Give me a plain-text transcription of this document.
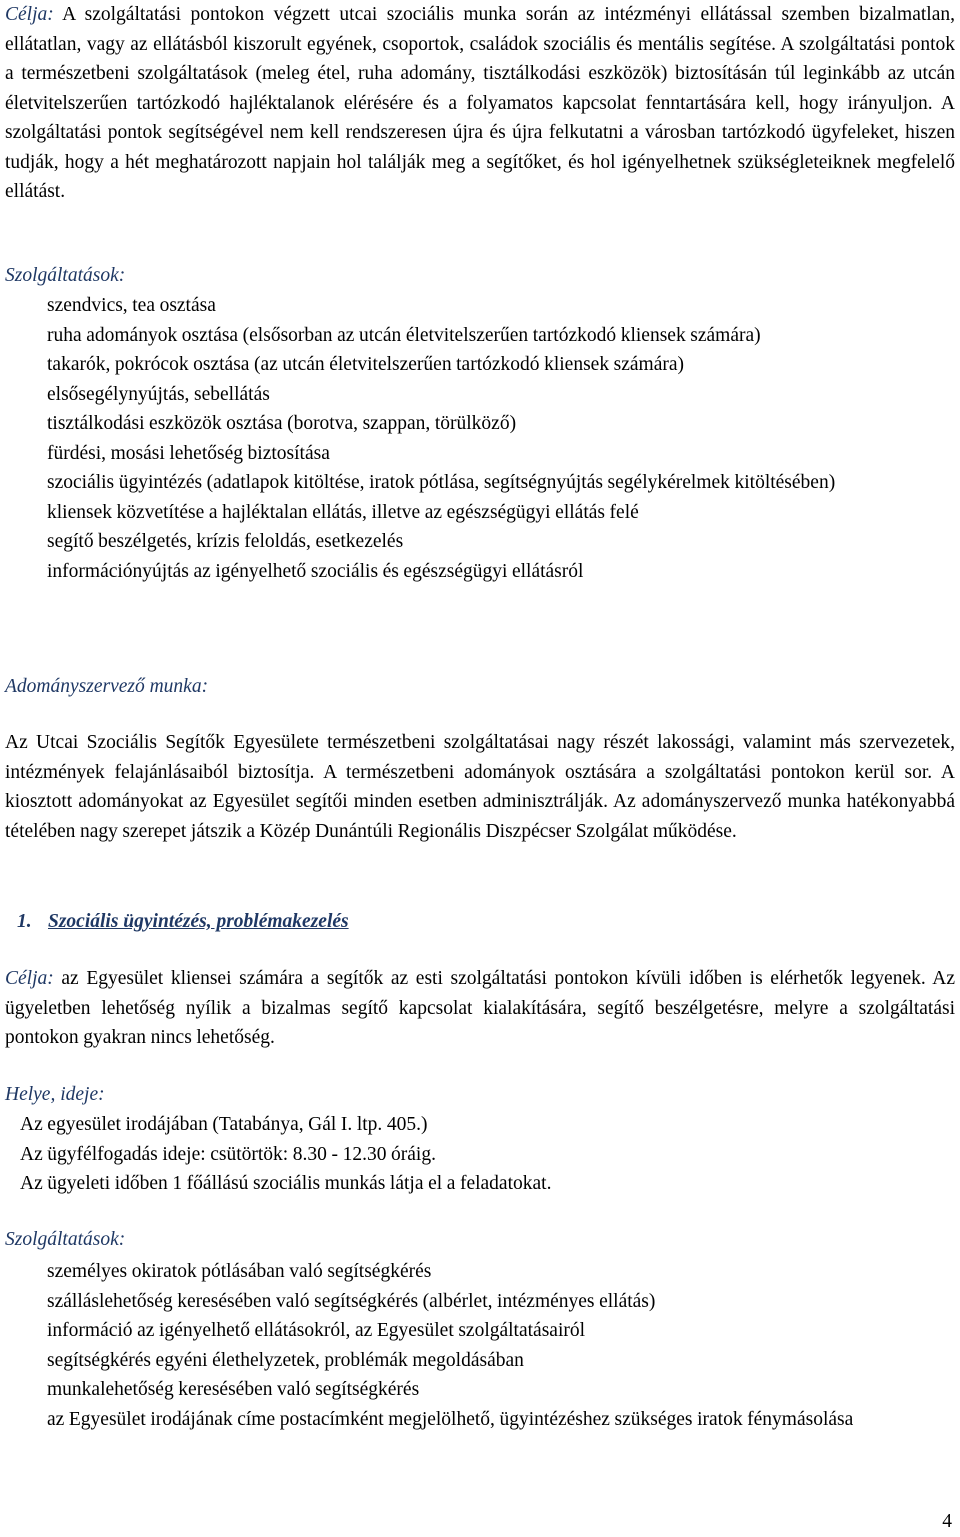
Célja: A szolgáltatási pontokon végzett utcai szociális munka során az intézményi ellátással szemben bizalmatlan, ellátatlan, vagy az ellátásból kiszorult egyének, csoportok, családok szociális és mentális segítése. A szolgáltatási pontok a természetbeni szolgáltatások (meleg étel, ruha adomány, tisztálkodási eszközök) biztosításán túl leginkább az utcán életvitelszerűen tartózkodó hajléktalanok elérésére és a folyamatos kapcsolat fenntartására kell, hogy irányuljon. A szolgáltatási pontok segítségével nem kell rendszeresen újra és újra felkutatni a városban tartózkodó ügyfeleket, hiszen tudják, hogy a hét meghatározott napjain hol találják meg a segítőket, és hol igényelhetnek szükségleteiknek megfelelő ellátást.

Szolgáltatások:

szendvics, tea osztása
ruha adományok osztása (elsősorban az utcán életvitelszerűen tartózkodó kliensek számára)
takarók, pokrócok osztása (az utcán életvitelszerűen tartózkodó kliensek számára)
elsősegélynyújtás, sebellátás
tisztálkodási eszközök osztása (borotva, szappan, törülköző)
fürdési, mosási lehetőség biztosítása
szociális ügyintézés (adatlapok kitöltése, iratok pótlása, segítségnyújtás segélykérelmek kitöltésében)
kliensek közvetítése a hajléktalan ellátás, illetve az egészségügyi ellátás felé
segítő beszélgetés, krízis feloldás, esetkezelés
információnyújtás az igényelhető szociális és egészségügyi ellátásról

Adományszervező munka:

Az Utcai Szociális Segítők Egyesülete természetbeni szolgáltatásai nagy részét lakossági, valamint más szervezetek, intézmények felajánlásaiból biztosítja. A természetbeni adományok osztására a szolgáltatási pontokon kerül sor. A kiosztott adományokat az Egyesület segítői minden esetben adminisztrálják. Az adományszervező munka hatékonyabbá tételében nagy szerepet játszik a Közép Dunántúli Regionális Diszpécser Szolgálat működése.

1. Szociális ügyintézés, problémakezelés

Célja: az Egyesület kliensei számára a segítők az esti szolgáltatási pontokon kívüli időben is elérhetők legyenek. Az ügyeletben lehetőség nyílik a bizalmas segítő kapcsolat kialakítására, segítő beszélgetésre, melyre a szolgáltatási pontokon gyakran nincs lehetőség.

Helye, ideje:

Az egyesület irodájában (Tatabánya, Gál I. ltp. 405.)
Az ügyfélfogadás ideje: csütörtök: 8.30 - 12.30 óráig.
Az ügyeleti időben 1 főállású szociális munkás látja el a feladatokat.

Szolgáltatások:

személyes okiratok pótlásában való segítségkérés
szálláslehetőség keresésében való segítségkérés (albérlet, intézményes ellátás)
információ az igényelhető ellátásokról, az Egyesület szolgáltatásairól
segítségkérés egyéni élethelyzetek, problémák megoldásában
munkalehetőség keresésében való segítségkérés
az Egyesület irodájának címe postacímként megjelölhető, ügyintézéshez szükséges iratok fénymásolása

4
